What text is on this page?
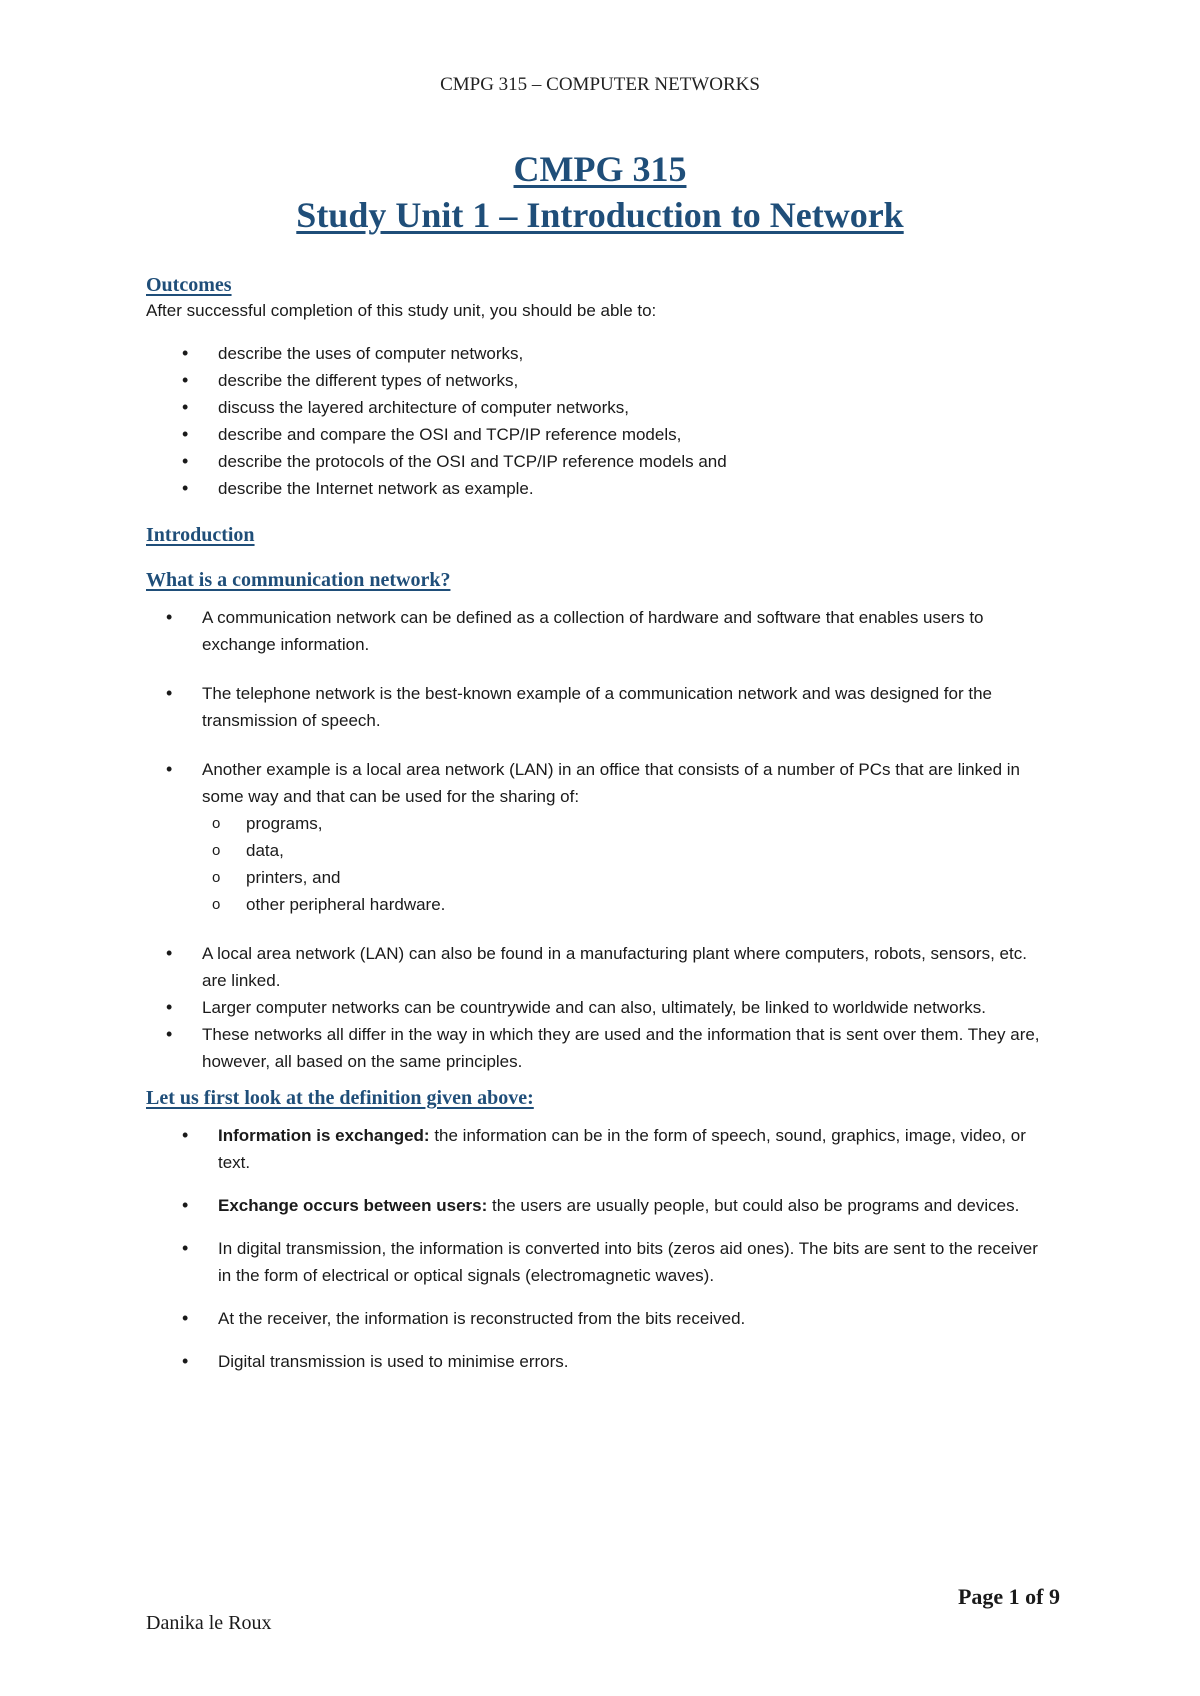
CMPG 315 – COMPUTER NETWORKS
CMPG 315
Study Unit 1 – Introduction to Network
Outcomes

After successful completion of this study unit, you should be able to:

• describe the uses of computer networks,
• describe the different types of networks,
• discuss the layered architecture of computer networks,
• describe and compare the OSI and TCP/IP reference models,
• describe the protocols of the OSI and TCP/IP reference models and
• describe the Internet network as example.
Introduction
What is a communication network?
• A communication network can be defined as a collection of hardware and software that enables users to exchange information.
• The telephone network is the best-known example of a communication network and was designed for the transmission of speech.
• Another example is a local area network (LAN) in an office that consists of a number of PCs that are linked in some way and that can be used for the sharing of:
o programs,
o data,
o printers, and
o other peripheral hardware.
• A local area network (LAN) can also be found in a manufacturing plant where computers, robots, sensors, etc. are linked.
• Larger computer networks can be countrywide and can also, ultimately, be linked to worldwide networks.
• These networks all differ in the way in which they are used and the information that is sent over them. They are, however, all based on the same principles.
Let us first look at the definition given above:
• Information is exchanged: the information can be in the form of speech, sound, graphics, image, video, or text.
• Exchange occurs between users: the users are usually people, but could also be programs and devices.
• In digital transmission, the information is converted into bits (zeros aid ones). The bits are sent to the receiver in the form of electrical or optical signals (electromagnetic waves).
• At the receiver, the information is reconstructed from the bits received.
• Digital transmission is used to minimise errors.
Page 1 of 9
Danika le Roux
